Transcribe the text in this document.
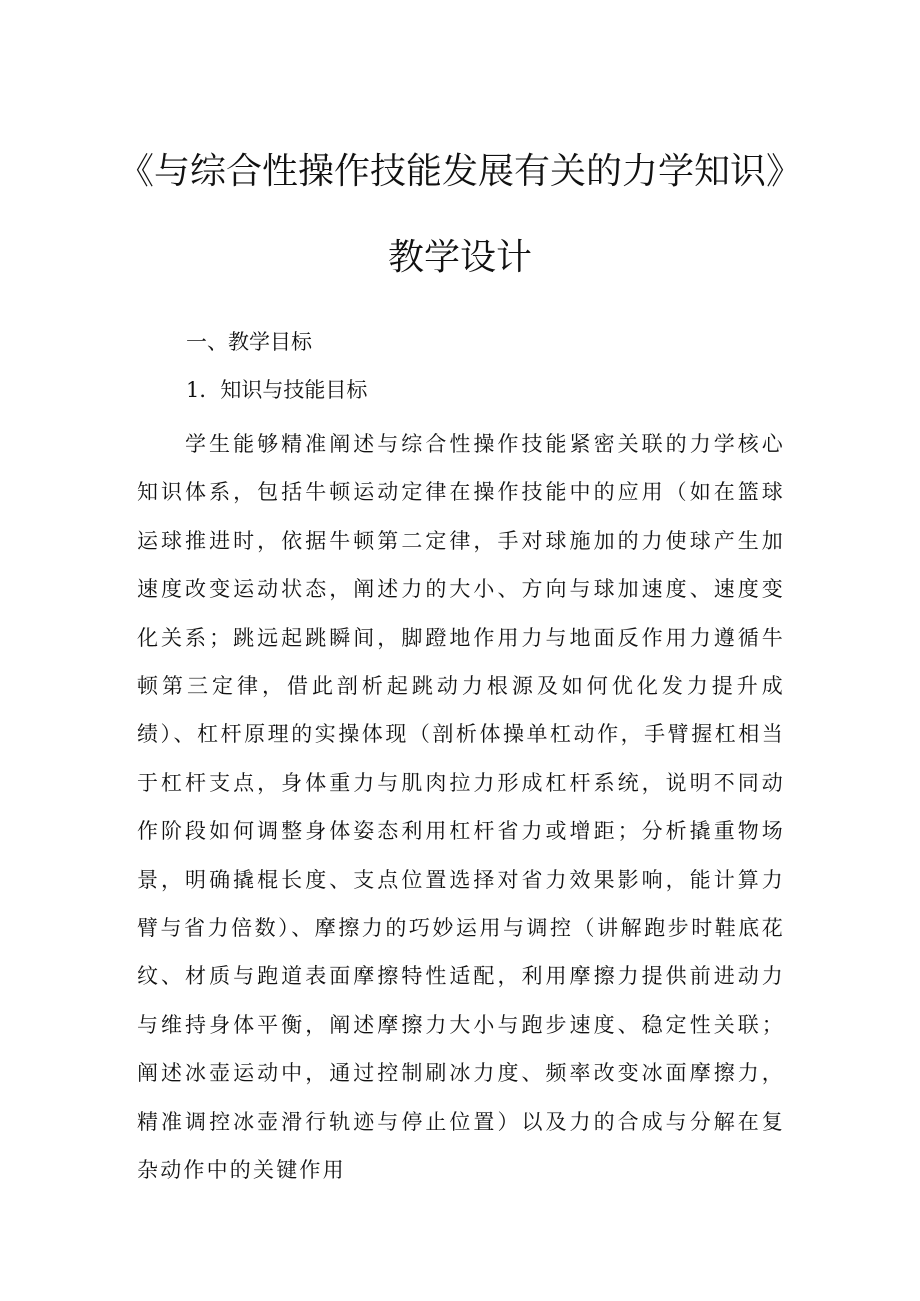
《与综合性操作技能发展有关的力学知识》
教学设计
一、教学目标
1．知识与技能目标

学生能够精准阐述与综合性操作技能紧密关联的力学核心知识体系，包括牛顿运动定律在操作技能中的应用（如在篮球运球推进时，依据牛顿第二定律，手对球施加的力使球产生加速度改变运动状态，阐述力的大小、方向与球加速度、速度变化关系；跳远起跳瞬间，脚蹬地作用力与地面反作用力遵循牛顿第三定律，借此剖析起跳动力根源及如何优化发力提升成绩）、杠杆原理的实操体现（剖析体操单杠动作，手臂握杠相当于杠杆支点，身体重力与肌肉拉力形成杠杆系统，说明不同动作阶段如何调整身体姿态利用杠杆省力或增距；分析撬重物场景，明确撬棍长度、支点位置选择对省力效果影响，能计算力臂与省力倍数）、摩擦力的巧妙运用与调控（讲解跑步时鞋底花纹、材质与跑道表面摩擦特性适配，利用摩擦力提供前进动力与维持身体平衡，阐述摩擦力大小与跑步速度、稳定性关联；阐述冰壶运动中，通过控制刷冰力度、频率改变冰面摩擦力，精准调控冰壶滑行轨迹与停止位置）以及力的合成与分解在复杂动作中的关键作用
